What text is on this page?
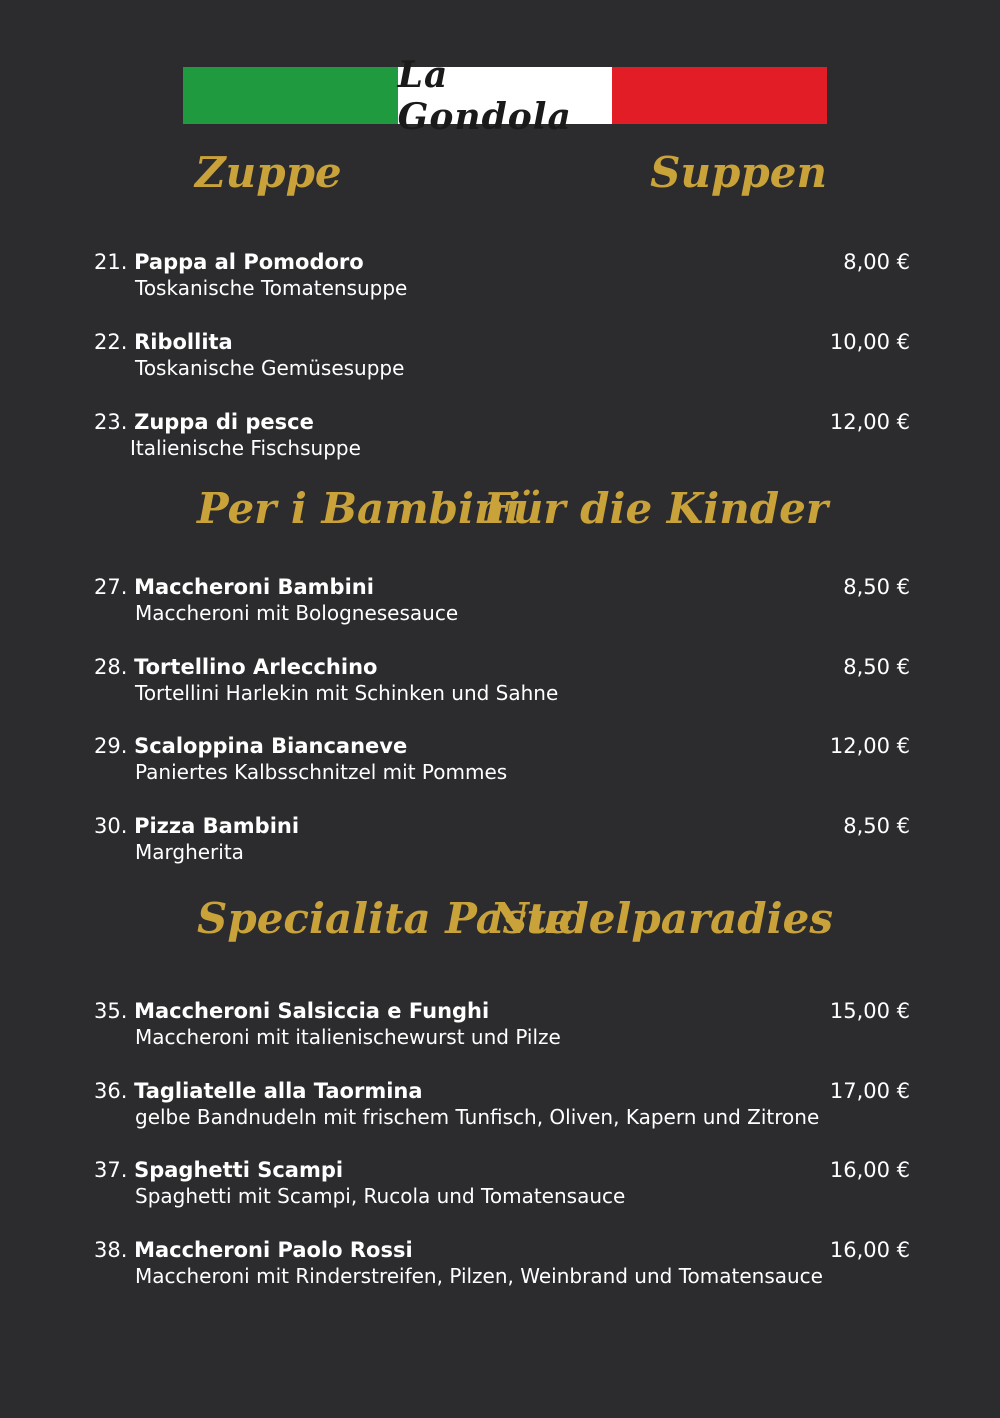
La Gondola
Zuppe	Suppen
Per i Bambini
Für die Kinder
Specialita Paste
Nudelparadies
21. Pappa al Pomodoro
Toskanische Tomatensuppe
8,00 €
22. Ribollita
Toskanische Gemüsesuppe
10,00 €
23. Zuppa di pesce
Italienische Fischsuppe
12,00 €
27. Maccheroni Bambini
Maccheroni mit Bolognesesauce
8,50 €
28. Tortellino Arlecchino
Tortellini Harlekin mit Schinken und Sahne
8,50 €
29. Scaloppina Biancaneve
Paniertes Kalbsschnitzel mit Pommes
12,00 €
30. Pizza Bambini
Margherita
8,50 €
35. Maccheroni Salsiccia e Funghi
Maccheroni mit italienischewurst und Pilze
15,00 €
36. Tagliatelle alla Taormina
gelbe Bandnudeln mit frischem Tunfisch, Oliven, Kapern und Zitrone
17,00 €
37. Spaghetti Scampi
Spaghetti mit Scampi, Rucola und Tomatensauce
16,00 €
38. Maccheroni Paolo Rossi
Maccheroni mit Rinderstreifen, Pilzen, Weinbrand und Tomatensauce
16,00 €
